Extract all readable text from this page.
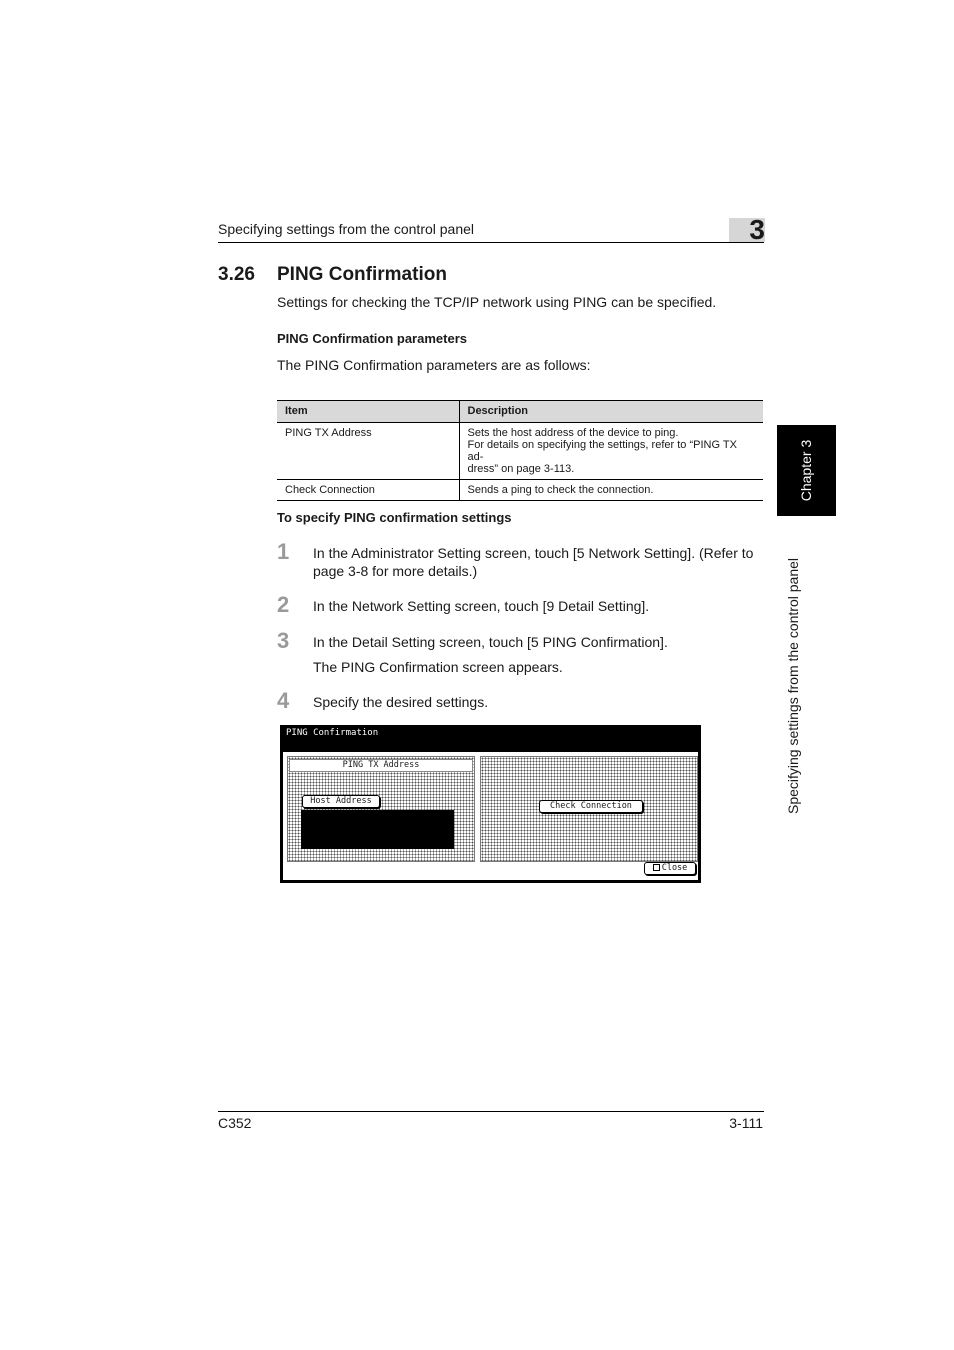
Specifying settings from the control panel	3
3.26 PING Confirmation
Settings for checking the TCP/IP network using PING can be specified.
PING Confirmation parameters
The PING Confirmation parameters are as follows:
Item	Description
PING TX Address	Sets the host address of the device to ping.
For details on specifying the settings, refer to “PING TX ad-
dress” on page 3-113.

Check Connection	Sends a ping to check the connection.
To specify PING confirmation settings
1 In the Administrator Setting screen, touch [5 Network Setting]. (Refer to
page 3-8 for more details.)
2 In the Network Setting screen, touch [9 Detail Setting].
3 In the Detail Setting screen, touch [5 PING Confirmation].
The PING Confirmation screen appears.
4 Specify the desired settings.
PING Confirmation
PING TX Address
Host Address	Check Connection
Close
Chapter 3
Specifying settings from the control panel
C352	3-111
